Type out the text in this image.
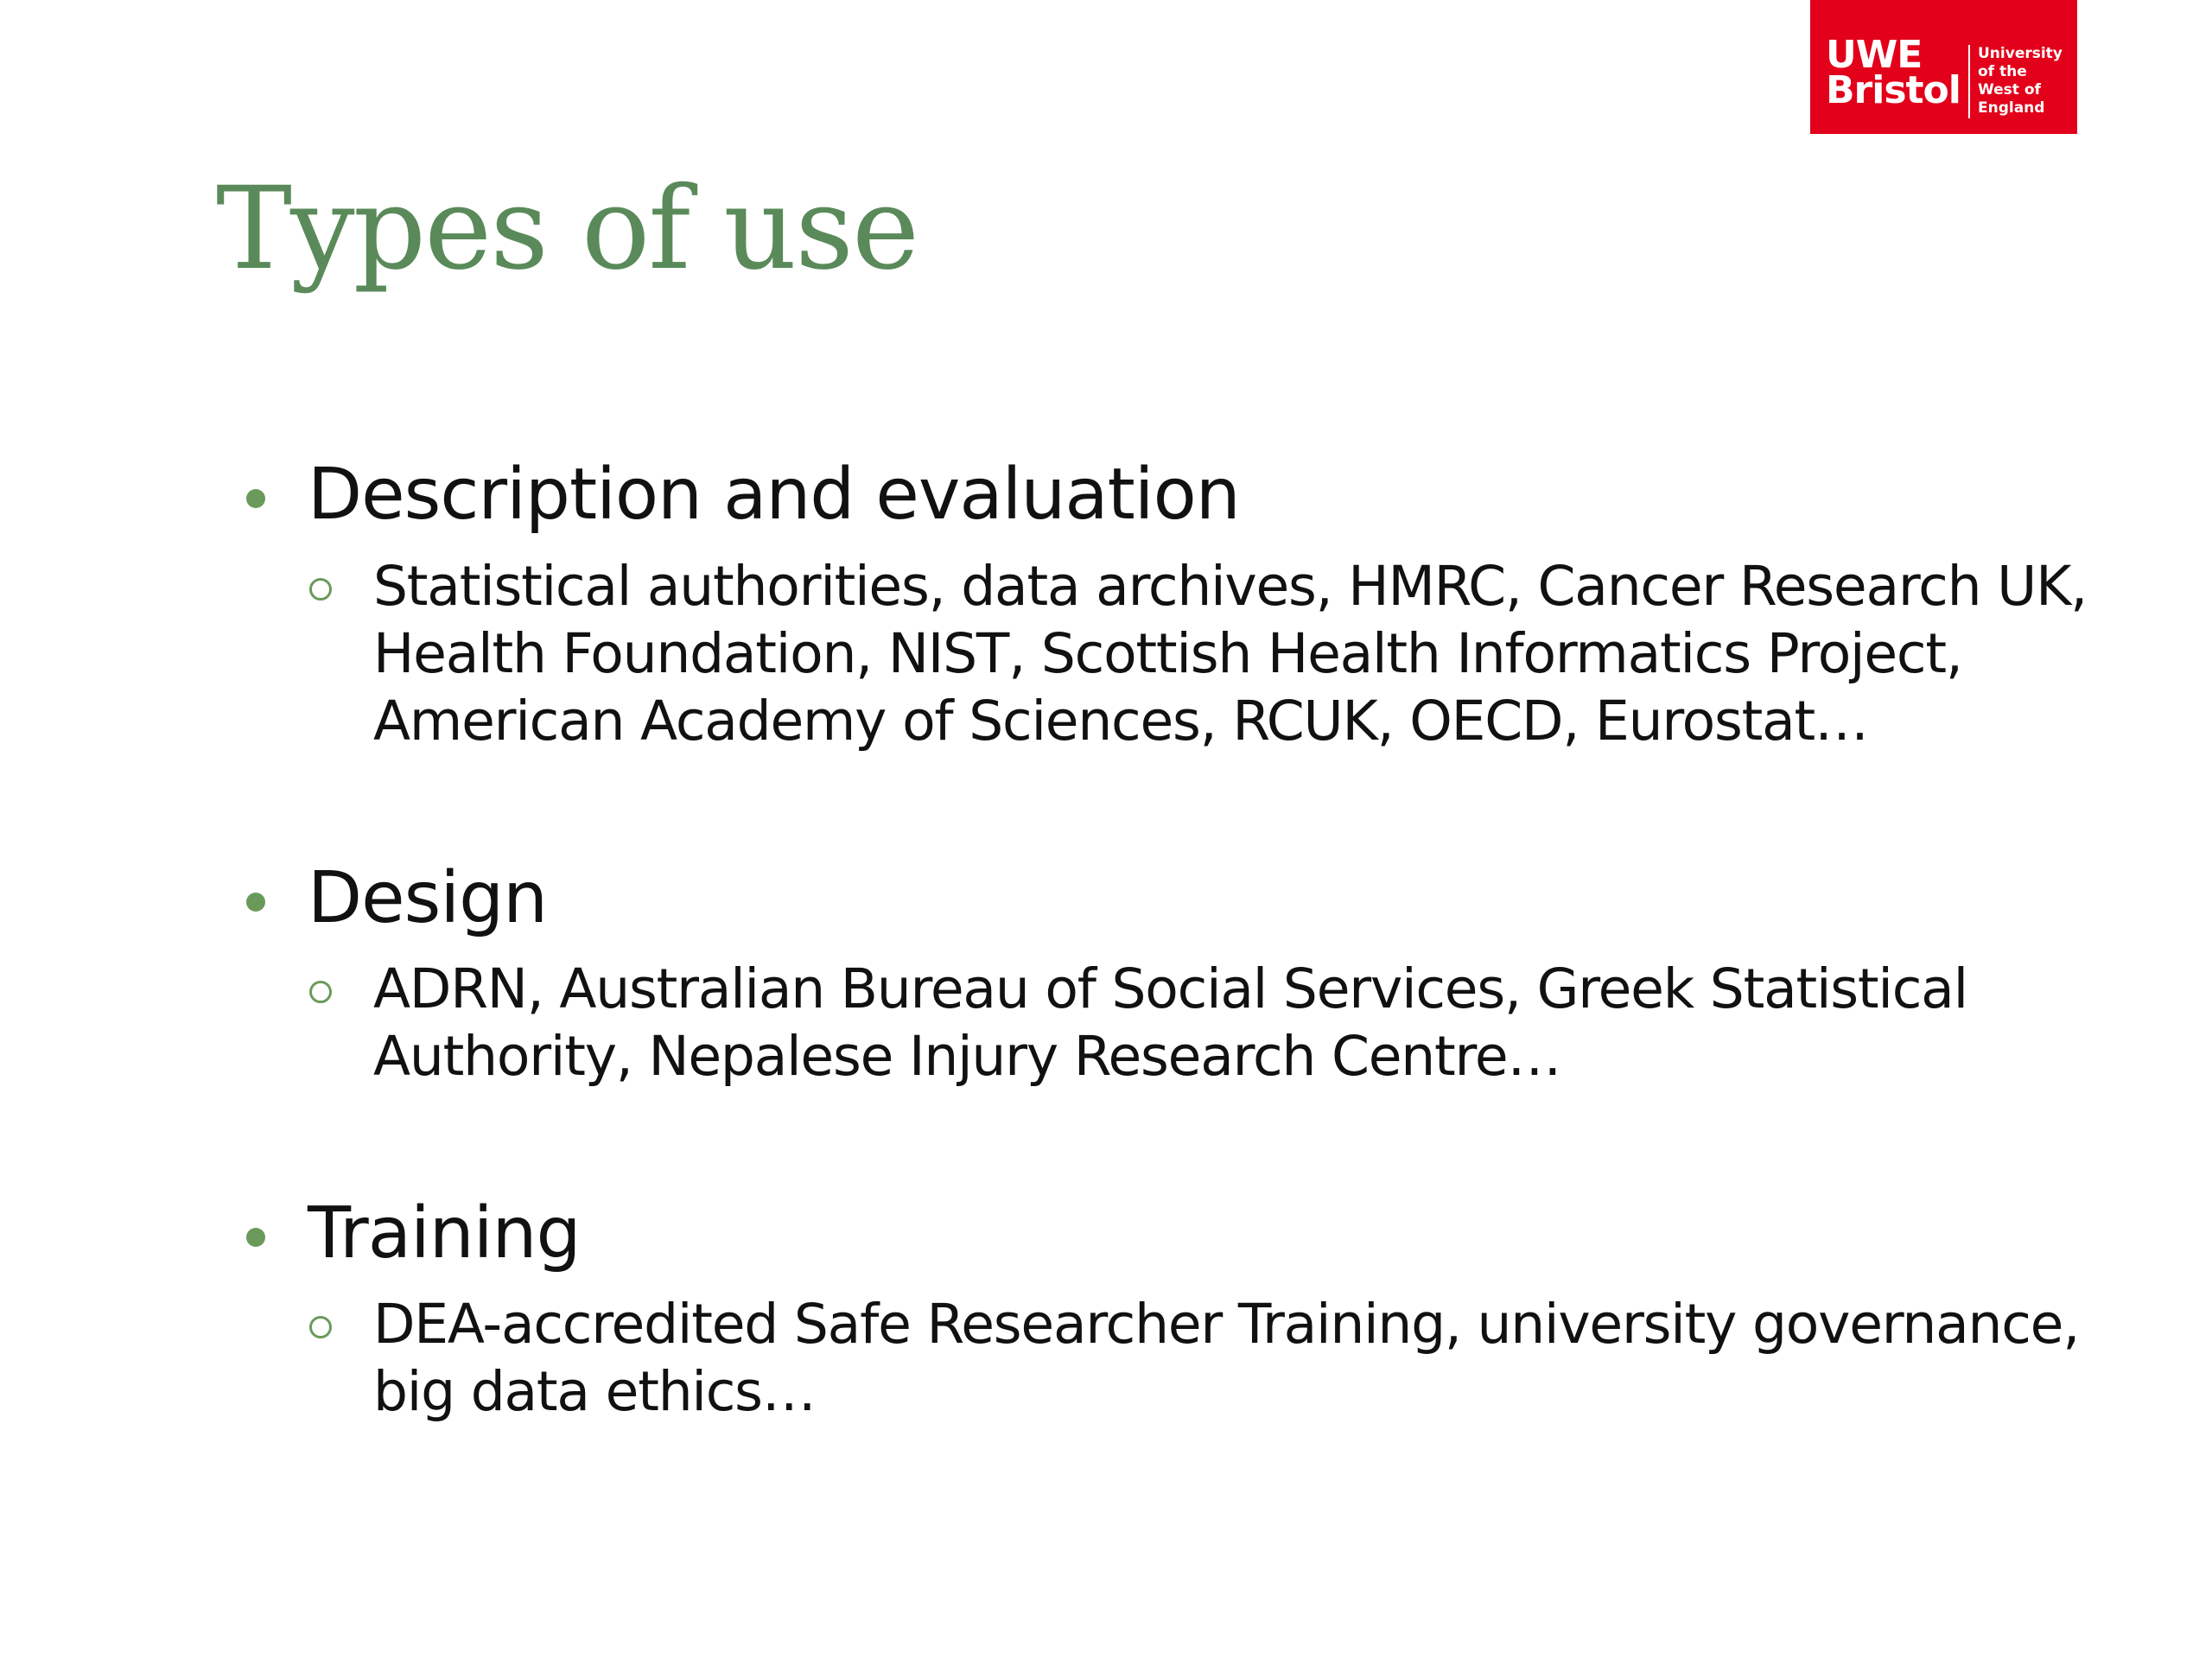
UWE
Bristol
University
of the
West of
England
Types of use

Description and evaluation

Statistical authorities, data archives, HMRC, Cancer Research UK,
Health Foundation, NIST, Scottish Health Informatics Project,
American Academy of Sciences, RCUK, OECD, Eurostat…

Design

ADRN, Australian Bureau of Social Services, Greek Statistical
Authority, Nepalese Injury Research Centre…

Training

DEA-accredited Safe Researcher Training, university governance,
big data ethics…
